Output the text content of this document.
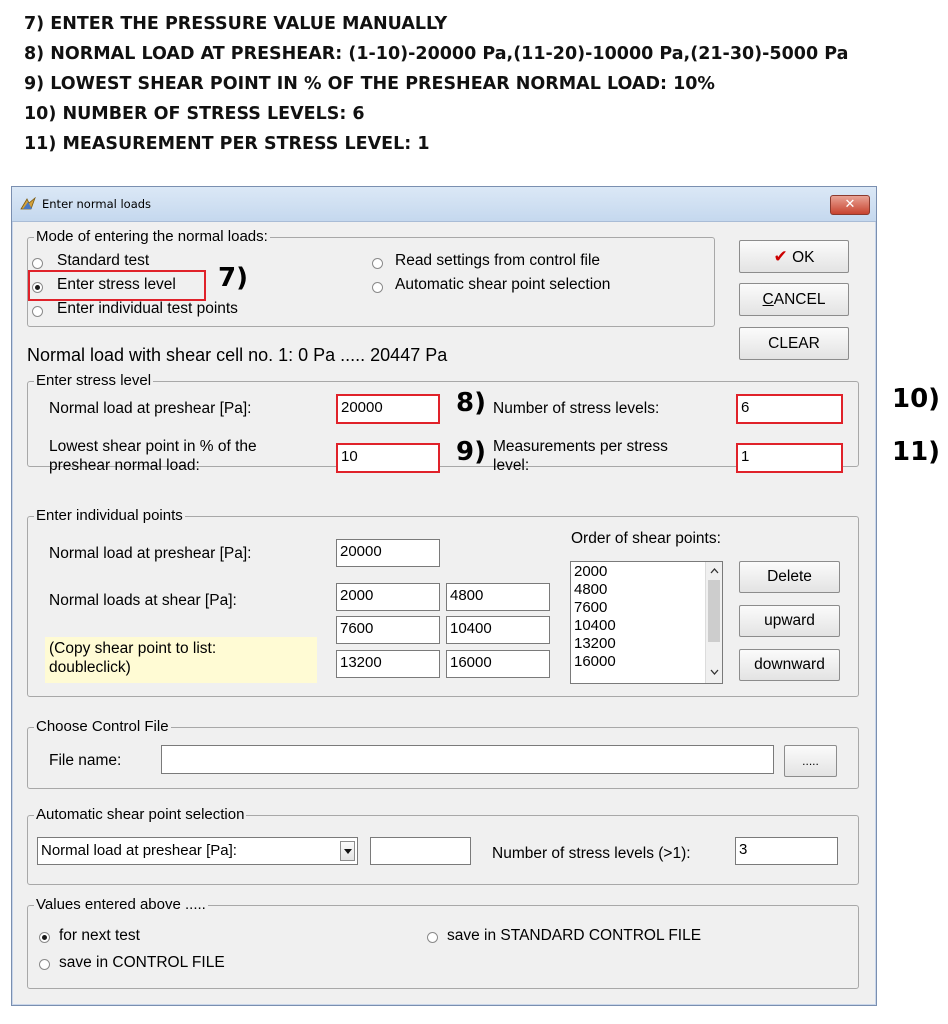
7) ENTER THE PRESSURE VALUE MANUALLY
8) NORMAL LOAD AT PRESHEAR: (1-10)-20000 Pa,(11-20)-10000 Pa,(21-30)-5000 Pa
9) LOWEST SHEAR POINT IN % OF THE PRESHEAR NORMAL LOAD: 10%
10) NUMBER OF STRESS LEVELS: 6
11) MEASUREMENT PER STRESS LEVEL: 1
Enter normal loads	✕
Mode of entering the normal loads:
Standard test
Enter stress level 7)
Enter individual test points
Read settings from control file
Automatic shear point selection
✔ OK
CANCEL
CLEAR
Normal load with shear cell no. 1: 0 Pa ..... 20447 Pa
Enter stress level
Normal load at preshear [Pa]:	20000	8) Number of stress levels:	6
Lowest shear point in % of the
preshear normal load:
10	9) Measurements per stress
level:
1
Enter individual points
Normal load at preshear [Pa]:	20000
Normal loads at shear [Pa]:	2000	4800
7600	10400
13200	16000
(Copy shear point to list:
doubleclick)
Order of shear points:
2000
4800
7600
10400
13200
16000
Delete
upward
downward
Choose Control File
File name:	.....
Automatic shear point selection
Normal load at preshear [Pa]:	Number of stress levels (>1):	3
Values entered above .....
for next test
save in CONTROL FILE
save in STANDARD CONTROL FILE
10)
11)
